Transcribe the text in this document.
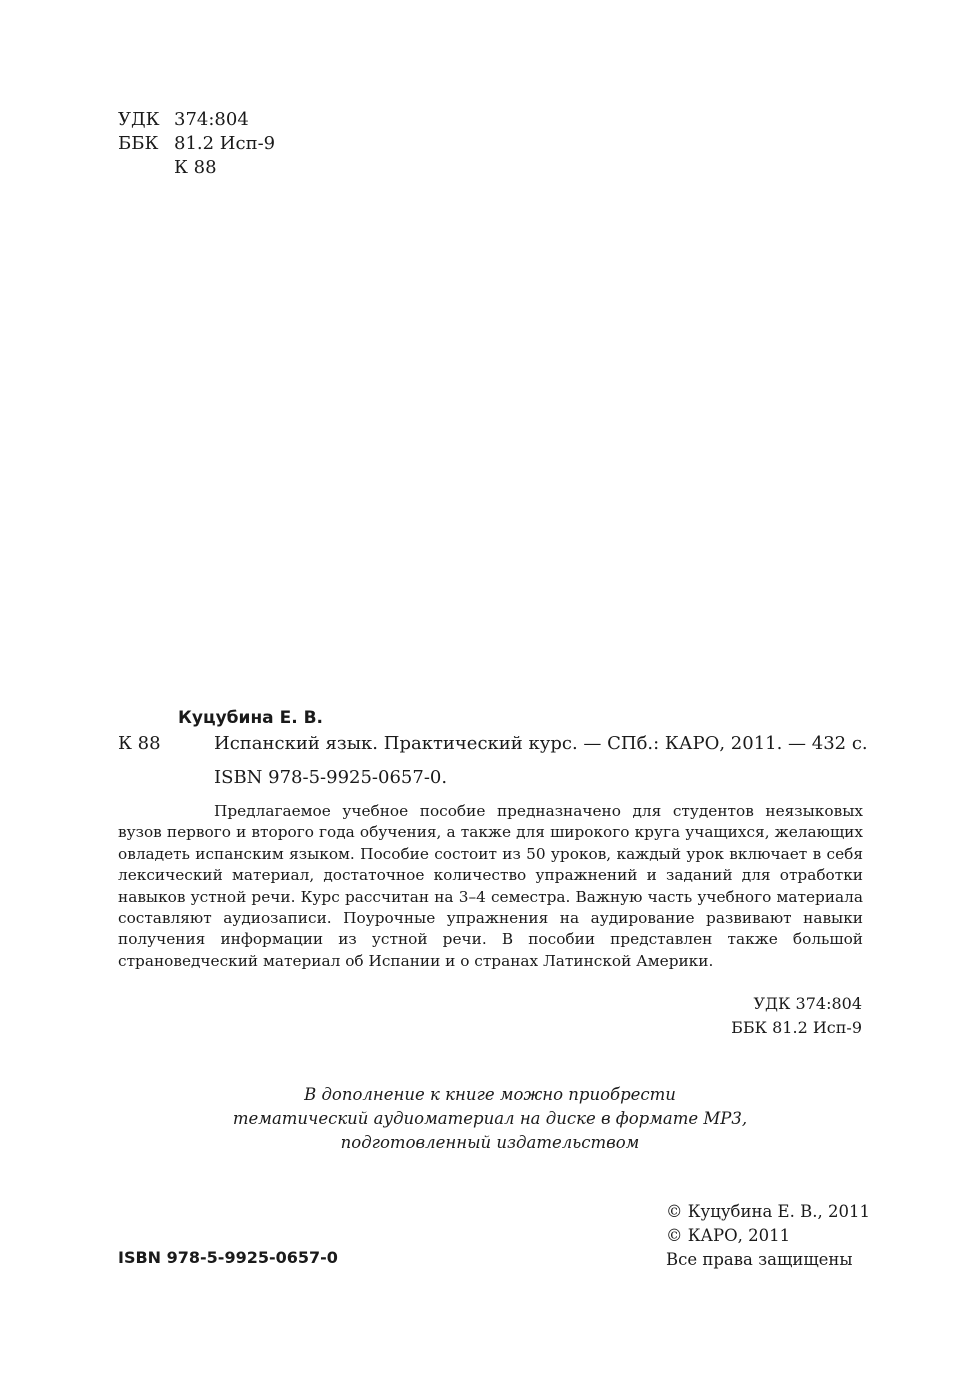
УДК 374:804
ББК 81.2 Исп-9
К 88
Куцубина Е. В.
К 88	Испанский язык. Практический курс. — СПб.: КАРО, 2011. — 432 с.
ISBN 978-5-9925-0657-0.
Предлагаемое учебное пособие предназначено для студентов неязыковых вузов первого и второго года обучения, а также для широкого круга учащихся, желающих овладеть испанским языком. Пособие состоит из 50 уроков, каждый урок включает в себя лексический материал, достаточное количество упражнений и заданий для отработки навыков устной речи. Курс рассчитан на 3–4 семестра. Важную часть учебного материала составляют аудиозаписи. Поурочные упражнения на аудирование развивают навыки получения информации из устной речи. В пособии представлен также большой страноведческий материал об Испании и о странах Латинской Америки.
УДК 374:804
ББК 81.2 Исп-9
В дополнение к книге можно приобрести
тематический аудиоматериал на диске в формате MP3,
подготовленный издательством
© Куцубина Е. В., 2011
© КАРО, 2011
Все права защищены
ISBN 978-5-9925-0657-0
